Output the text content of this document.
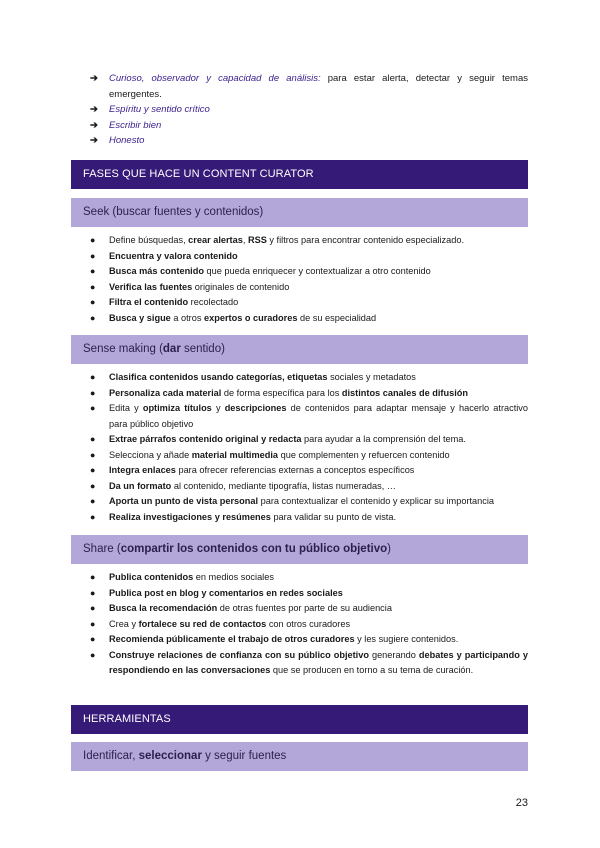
➔	Curioso, observador y capacidad de análisis: para estar alerta, detectar y seguir temas emergentes.
➔	Espíritu y sentido crítico
➔	Escribir bien
➔	Honesto
FASES QUE HACE UN CONTENT CURATOR
Seek (buscar fuentes y contenidos)
●	Define búsquedas, crear alertas, RSS y filtros para encontrar contenido especializado.
●	Encuentra y valora contenido
●	Busca más contenido que pueda enriquecer y contextualizar a otro contenido
●	Verifica las fuentes originales de contenido
●	Filtra el contenido recolectado
●	Busca y sigue a otros expertos o curadores de su especialidad
Sense making (dar sentido)
●	Clasifica contenidos usando categorías, etiquetas sociales y metadatos
●	Personaliza cada material de forma específica para los distintos canales de difusión
●	Edita y optimiza títulos y descripciones de contenidos para adaptar mensaje y hacerlo atractivo para público objetivo
●	Extrae párrafos contenido original y redacta para ayudar a la comprensión del tema.
●	Selecciona y añade material multimedia que complementen y refuercen contenido
●	Integra enlaces para ofrecer referencias externas a conceptos específicos
●	Da un formato al contenido, mediante tipografía, listas numeradas, …
●	Aporta un punto de vista personal para contextualizar el contenido y explicar su importancia
●	Realiza investigaciones y resúmenes para validar su punto de vista.
Share (compartir los contenidos con tu público objetivo)
●	Publica contenidos en medios sociales
●	Publica post en blog y comentarios en redes sociales
●	Busca la recomendación de otras fuentes por parte de su audiencia
●	Crea y fortalece su red de contactos con otros curadores
●	Recomienda públicamente el trabajo de otros curadores y les sugiere contenidos.
●	Construye relaciones de confianza con su público objetivo generando debates y participando y respondiendo en las conversaciones que se producen en torno a su tema de curación.
HERRAMIENTAS
Identificar, seleccionar y seguir fuentes
23
